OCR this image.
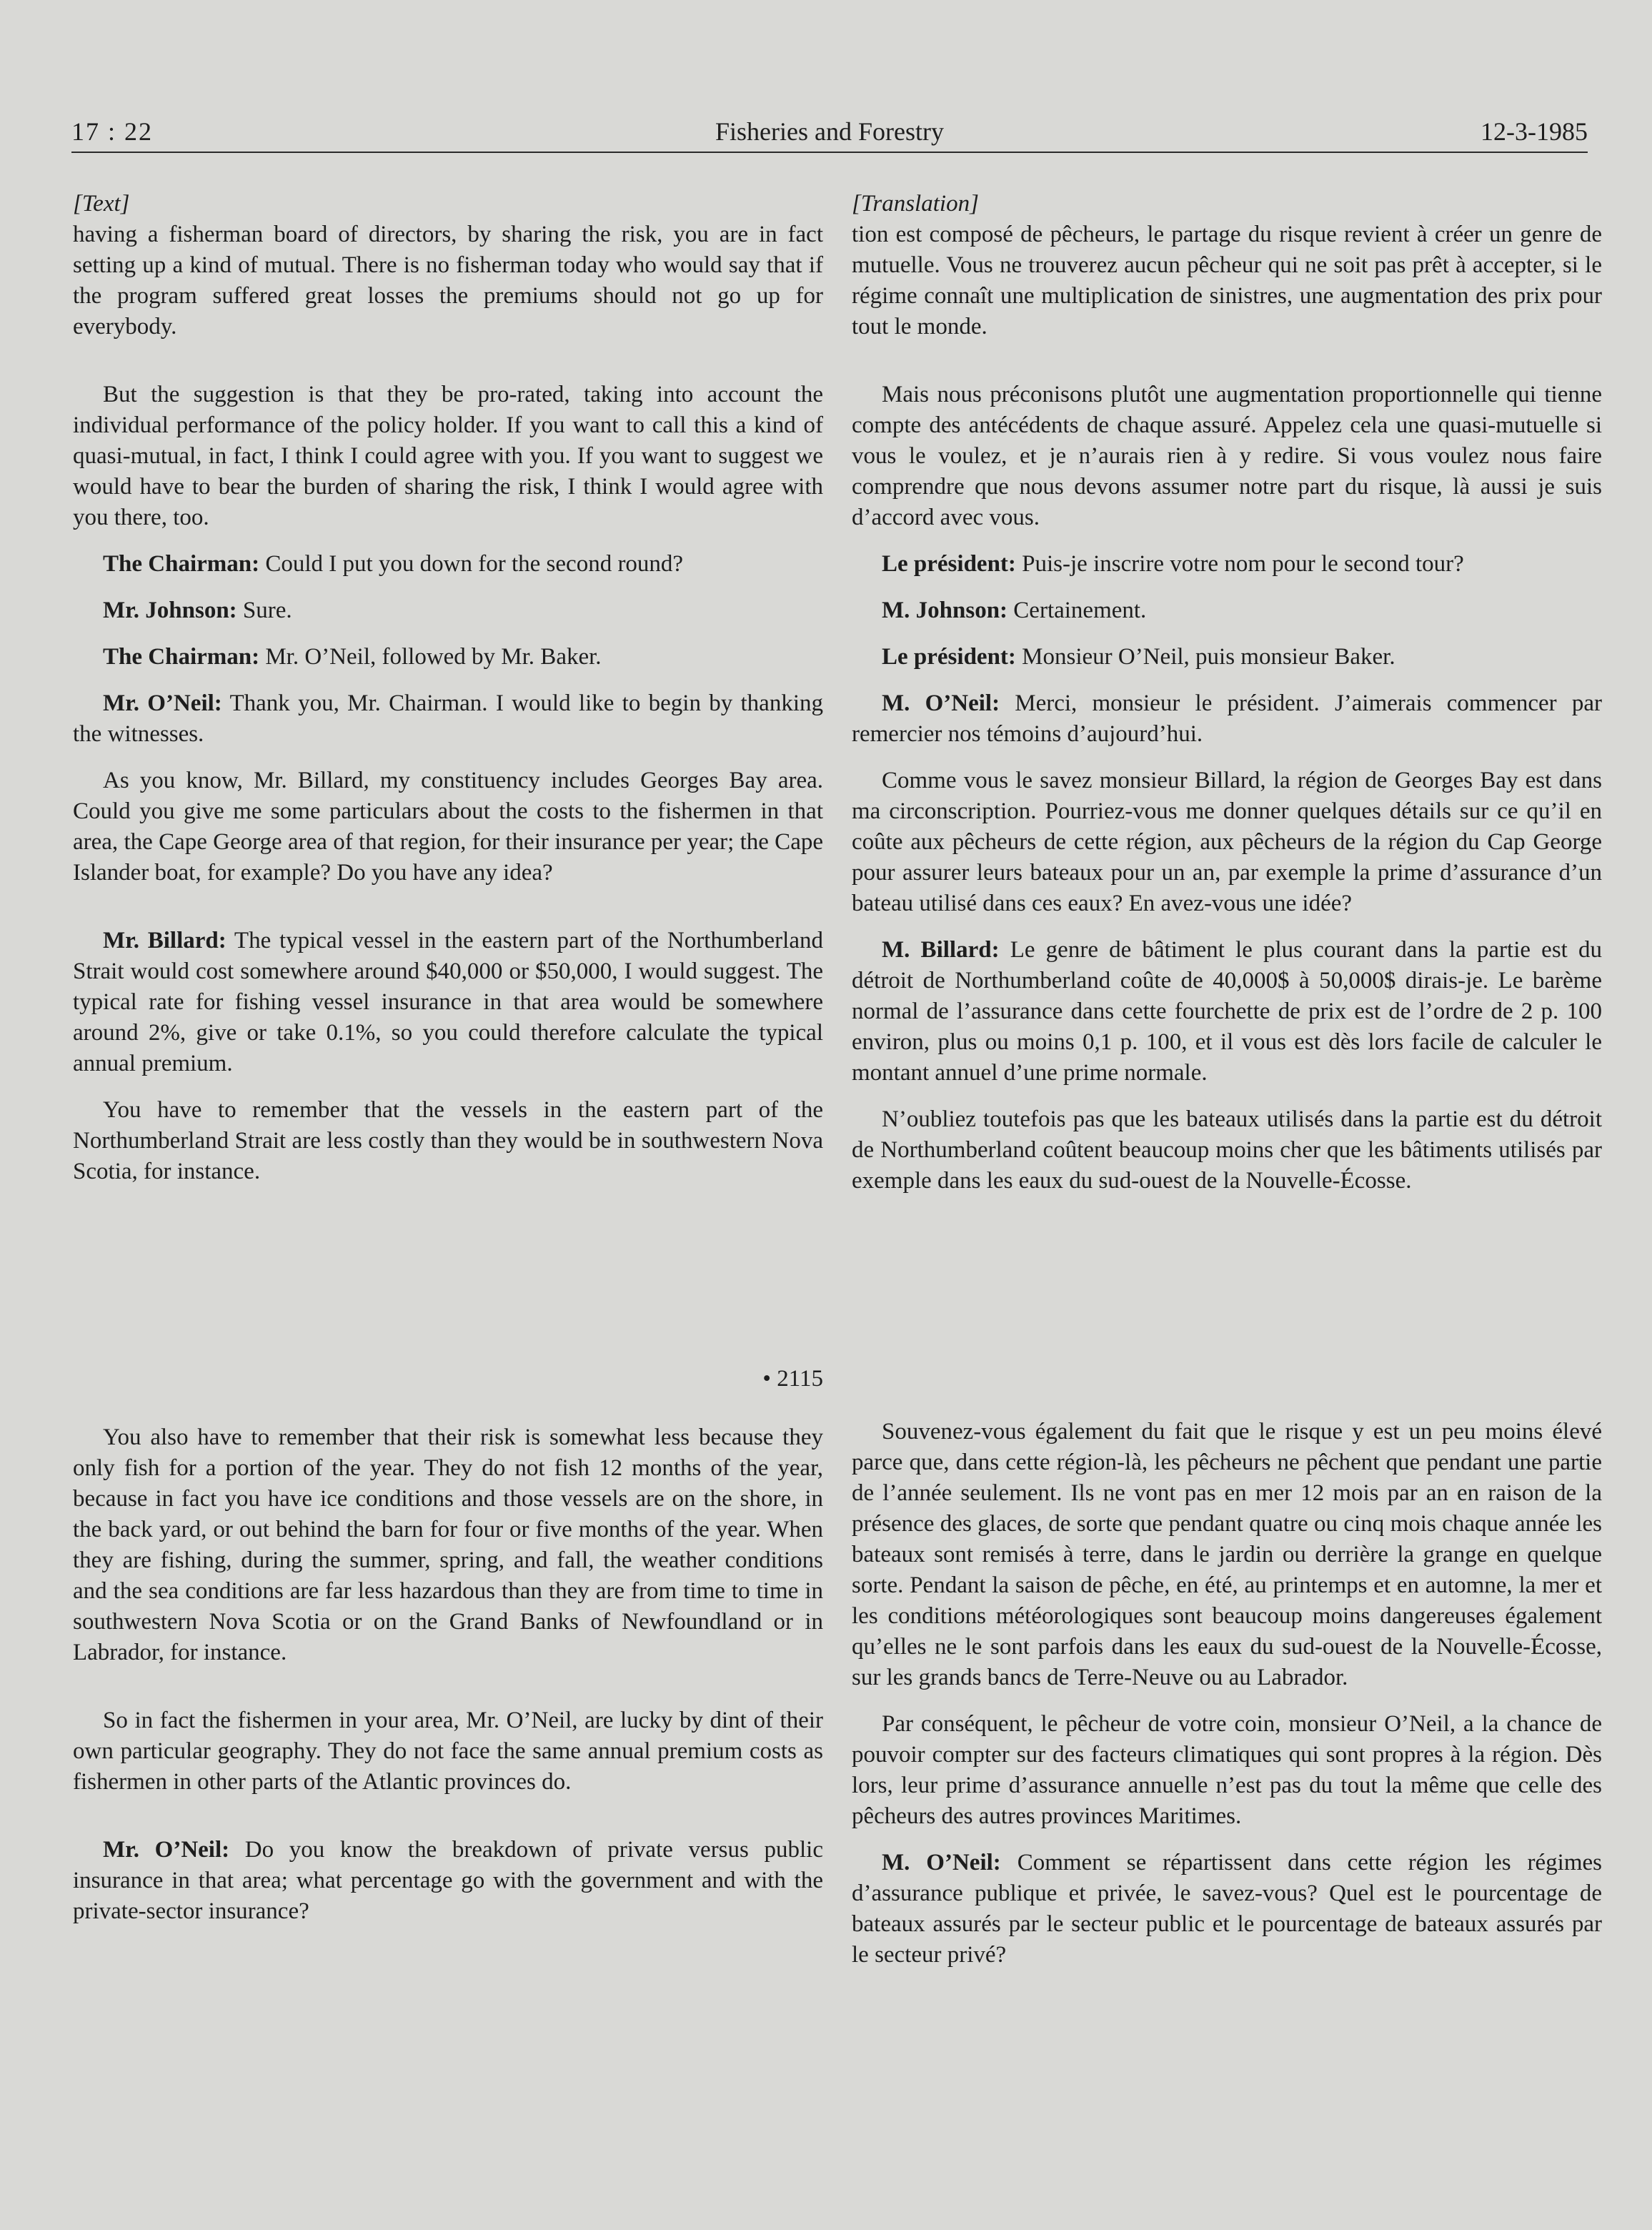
17 : 22	Fisheries and Forestry	12-3-1985

[Text]

having a fisherman board of directors, by sharing the risk, you are in fact setting up a kind of mutual. There is no fisherman today who would say that if the program suffered great losses the premiums should not go up for everybody.

But the suggestion is that they be pro-rated, taking into account the individual performance of the policy holder. If you want to call this a kind of quasi-mutual, in fact, I think I could agree with you. If you want to suggest we would have to bear the burden of sharing the risk, I think I would agree with you there, too.

The Chairman: Could I put you down for the second round?

Mr. Johnson: Sure.

The Chairman: Mr. O’Neil, followed by Mr. Baker.

Mr. O’Neil: Thank you, Mr. Chairman. I would like to begin by thanking the witnesses.

As you know, Mr. Billard, my constituency includes Georges Bay area. Could you give me some particulars about the costs to the fishermen in that area, the Cape George area of that region, for their insurance per year; the Cape Islander boat, for example? Do you have any idea?

Mr. Billard: The typical vessel in the eastern part of the Northumberland Strait would cost somewhere around $40,000 or $50,000, I would suggest. The typical rate for fishing vessel insurance in that area would be somewhere around 2%, give or take 0.1%, so you could therefore calculate the typical annual premium.

You have to remember that the vessels in the eastern part of the Northumberland Strait are less costly than they would be in southwestern Nova Scotia, for instance.

• 2115

You also have to remember that their risk is somewhat less because they only fish for a portion of the year. They do not fish 12 months of the year, because in fact you have ice conditions and those vessels are on the shore, in the back yard, or out behind the barn for four or five months of the year. When they are fishing, during the summer, spring, and fall, the weather conditions and the sea conditions are far less hazardous than they are from time to time in southwestern Nova Scotia or on the Grand Banks of Newfoundland or in Labrador, for instance.

So in fact the fishermen in your area, Mr. O’Neil, are lucky by dint of their own particular geography. They do not face the same annual premium costs as fishermen in other parts of the Atlantic provinces do.

Mr. O’Neil: Do you know the breakdown of private versus public insurance in that area; what percentage go with the government and with the private-sector insurance?

[Translation]

tion est composé de pêcheurs, le partage du risque revient à créer un genre de mutuelle. Vous ne trouverez aucun pêcheur qui ne soit pas prêt à accepter, si le régime connaît une multiplication de sinistres, une augmentation des prix pour tout le monde.

Mais nous préconisons plutôt une augmentation proportionnelle qui tienne compte des antécédents de chaque assuré. Appelez cela une quasi-mutuelle si vous le voulez, et je n’aurais rien à y redire. Si vous voulez nous faire comprendre que nous devons assumer notre part du risque, là aussi je suis d’accord avec vous.

Le président: Puis-je inscrire votre nom pour le second tour?

M. Johnson: Certainement.

Le président: Monsieur O’Neil, puis monsieur Baker.

M. O’Neil: Merci, monsieur le président. J’aimerais commencer par remercier nos témoins d’aujourd’hui.

Comme vous le savez monsieur Billard, la région de Georges Bay est dans ma circonscription. Pourriez-vous me donner quelques détails sur ce qu’il en coûte aux pêcheurs de cette région, aux pêcheurs de la région du Cap George pour assurer leurs bateaux pour un an, par exemple la prime d’assurance d’un bateau utilisé dans ces eaux? En avez-vous une idée?

M. Billard: Le genre de bâtiment le plus courant dans la partie est du détroit de Northumberland coûte de 40,000$ à 50,000$ dirais-je. Le barème normal de l’assurance dans cette fourchette de prix est de l’ordre de 2 p. 100 environ, plus ou moins 0,1 p. 100, et il vous est dès lors facile de calculer le montant annuel d’une prime normale.

N’oubliez toutefois pas que les bateaux utilisés dans la partie est du détroit de Northumberland coûtent beaucoup moins cher que les bâtiments utilisés par exemple dans les eaux du sud-ouest de la Nouvelle-Écosse.

Souvenez-vous également du fait que le risque y est un peu moins élevé parce que, dans cette région-là, les pêcheurs ne pêchent que pendant une partie de l’année seulement. Ils ne vont pas en mer 12 mois par an en raison de la présence des glaces, de sorte que pendant quatre ou cinq mois chaque année les bateaux sont remisés à terre, dans le jardin ou derrière la grange en quelque sorte. Pendant la saison de pêche, en été, au printemps et en automne, la mer et les conditions météorologiques sont beaucoup moins dangereuses également qu’elles ne le sont parfois dans les eaux du sud-ouest de la Nouvelle-Écosse, sur les grands bancs de Terre-Neuve ou au Labrador.

Par conséquent, le pêcheur de votre coin, monsieur O’Neil, a la chance de pouvoir compter sur des facteurs climatiques qui sont propres à la région. Dès lors, leur prime d’assurance annuelle n’est pas du tout la même que celle des pêcheurs des autres provinces Maritimes.

M. O’Neil: Comment se répartissent dans cette région les régimes d’assurance publique et privée, le savez-vous? Quel est le pourcentage de bateaux assurés par le secteur public et le pourcentage de bateaux assurés par le secteur privé?
